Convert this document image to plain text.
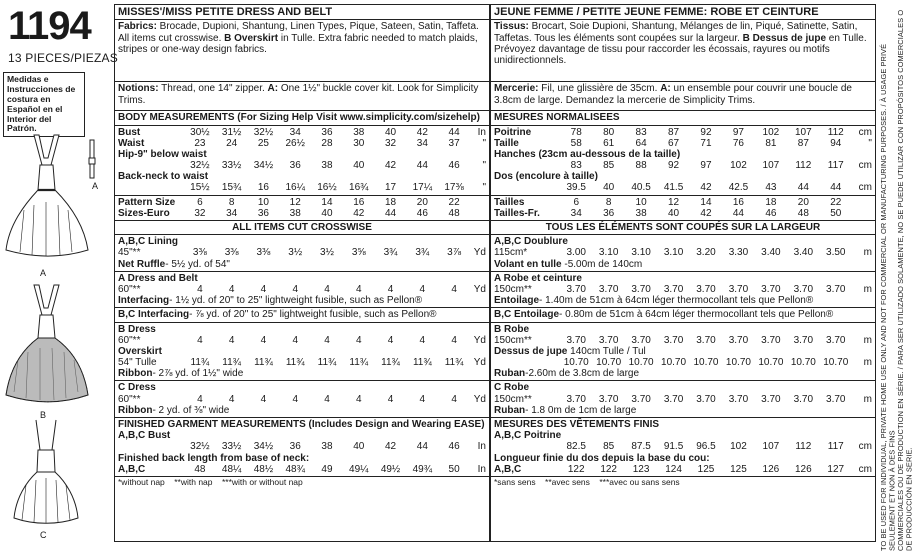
1194
13 PIECES/PIEZAS
Medidas e Instrucciones de costura en Español en el Interior del Patrón.
A
A
B
C
MISSES'/MISS PETITE DRESS AND BELT
Fabrics: Brocade, Dupioni, Shantung, Linen Types, Pique, Sateen, Satin, Taffeta. All items cut crosswise. B Overskirt in Tulle. Extra fabric needed to match plaids, stripes or one-way design fabrics.
Notions: Thread, one 14" zipper. A: One 1½" buckle cover kit. Look for Simplicity Trims.
BODY MEASUREMENTS (For Sizing Help Visit www.simplicity.com/sizehelp)
Bust	30½	31½	32½	34	36	38	40	42	44	In
Waist	23	24	25	26½	28	30	32	34	37	"
Hip-9" below waist
32½	33½	34½	36	38	40	42	44	46	"
Back-neck to waist
15½	15¾	16	16¼	16½	16¾	17	17¼	17⅜	"
Pattern Size	6	8	10	12	14	16	18	20	22
Sizes-Euro	32	34	36	38	40	42	44	46	48
ALL ITEMS CUT CROSSWISE
A,B,C Lining
45"**	3⅜	3⅜	3⅜	3½	3½	3⅝	3¾	3¾	3⅞	Yd
Net Ruffle- 5½ yd. of 54"
A Dress and Belt
60"**	4	4	4	4	4	4	4	4	4	Yd
Interfacing- 1½ yd. of 20" to 25" lightweight fusible, such as Pellon®
B,C Interfacing- ⅞ yd. of 20" to 25" lightweight fusible, such as Pellon®
B Dress
60"**	4	4	4	4	4	4	4	4	4	Yd
Overskirt
54" Tulle	11¾	11¾	11¾	11¾	11¾	11¾	11¾	11¾	11¾	Yd
Ribbon- 2⅞ yd. of 1½" wide
C Dress
60"**	4	4	4	4	4	4	4	4	4	Yd
Ribbon- 2 yd. of ⅜" wide
FINISHED GARMENT MEASUREMENTS (Includes Design and Wearing EASE)
A,B,C Bust
32½	33½	34½	36	38	40	42	44	46	In
Finished back length from base of neck:
A,B,C	48	48¼	48½	48¾	49	49¼	49½	49¾	50	In
*without nap    **with nap    ***with or without nap
JEUNE FEMME / PETITE JEUNE FEMME: ROBE ET CEINTURE
Tissus: Brocart, Soie Dupioni, Shantung, Mélanges de lin, Piqué, Satinette, Satin, Taffetas. Tous les éléments sont coupées sur la largeur. B Dessus de jupe en Tulle. Prévoyez davantage de tissu pour raccorder les écossais, rayures ou motifs unidirectionnels.
Mercerie: Fil, une glissière de 35cm. A: un ensemble pour couvrir une boucle de 3.8cm de large. Demandez la mercerie de Simplicity Trims.
MESURES NORMALISEES
Poitrine	78	80	83	87	92	97	102	107	112	cm
Taille	58	61	64	67	71	76	81	87	94	"
Hanches (23cm au-dessous de la taille)
83	85	88	92	97	102	107	112	117	cm
Dos (encolure à taille)
39.5	40	40.5	41.5	42	42.5	43	44	44	cm
Tailles	6	8	10	12	14	16	18	20	22
Tailles-Fr.	34	36	38	40	42	44	46	48	50
TOUS LES ÉLÉMENTS SONT COUPÉS SUR LA LARGEUR
A,B,C Doublure
115cm*	3.00	3.10	3.10	3.10	3.20	3.30	3.40	3.40	3.50	m
Volant en tulle -5.00m de 140cm
A Robe et ceinture
150cm**	3.70	3.70	3.70	3.70	3.70	3.70	3.70	3.70	3.70	m
Entoilage- 1.40m de 51cm à 64cm léger thermocollant tels que Pellon®
B,C Entoilage- 0.80m de 51cm à 64cm léger thermocollant tels que Pellon®
B Robe
150cm**	3.70	3.70	3.70	3.70	3.70	3.70	3.70	3.70	3.70	m
Dessus de jupe 140cm Tulle / Tul
10.70 10.70 10.70 10.70 10.70 10.70 10.70 10.70 10.70	m
Ruban-2.60m de 3.8cm de large
C Robe
150cm**	3.70	3.70	3.70	3.70	3.70	3.70	3.70	3.70	3.70	m
Ruban- 1.8 0m de 1cm de large
MESURES DES VÊTEMENTS FINIS
A,B,C Poitrine
82.5	85	87.5	91.5	96.5	102	107	112	117	cm
Longueur finie du dos depuis la base du cou:
A,B,C	122	122	123	124	125	125	126	126	127	cm
*sans sens    **avec sens    ***avec ou sans sens
TO BE USED FOR INDIVIDUAL, PRIVATE HOME USE ONLY AND NOT FOR COMMERCIAL OR MANUFACTURING PURPOSES. / À USAGE PRIVÉ SEULEMENT ET NON À DES FINS
COMMERCIALES OU DE PRODUCTION EN SÉRIE. / PARA SER UTILIZADO SOLAMENTE, NO SE PUEDE UTILIZAR CON PROPÓSITOS COMERCIALES O DE PRODUCCIÓN EN SERIE.
